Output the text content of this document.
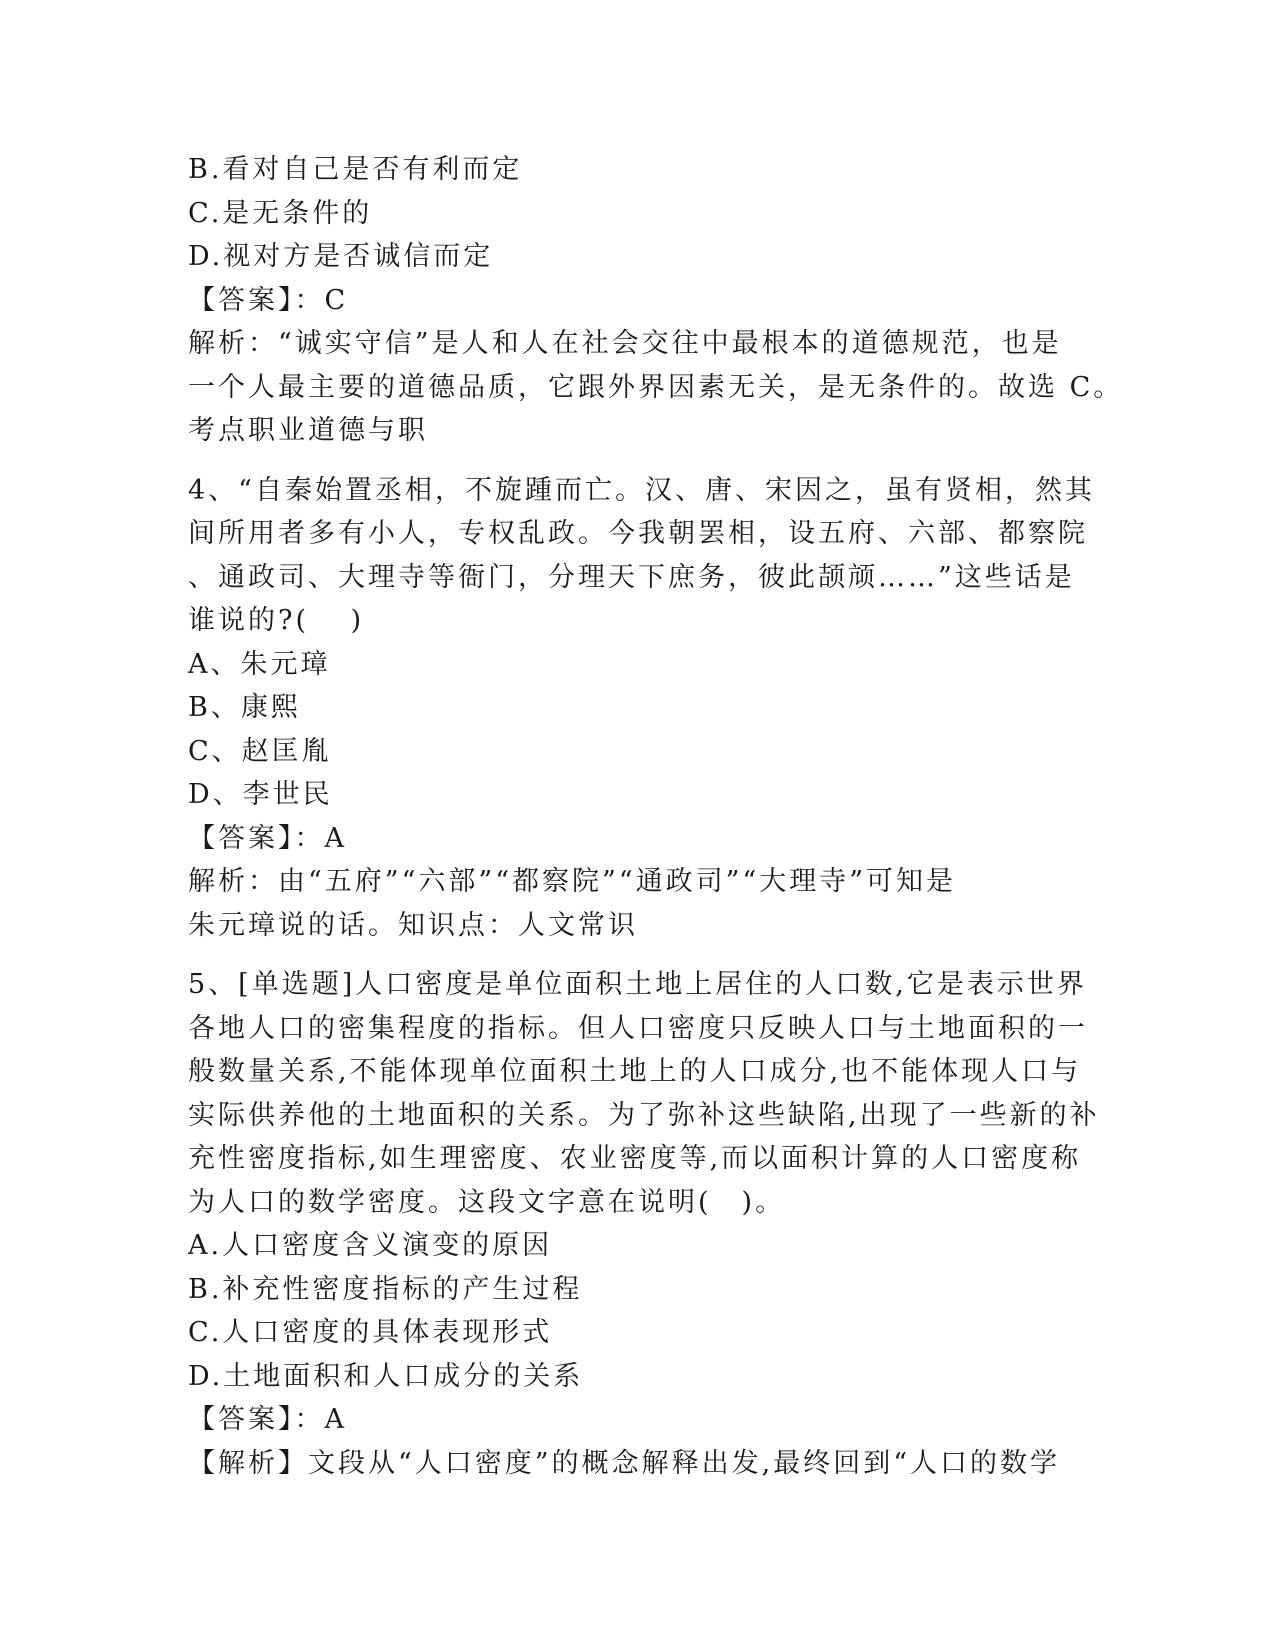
B.看对自己是否有利而定
C.是无条件的
D.视对方是否诚信而定
【答案】：C
解析：“诚实守信”是人和人在社会交往中最根本的道德规范，也是
一个人最主要的道德品质，它跟外界因素无关，是无条件的。故选 C。
考点职业道德与职
4、“自秦始置丞相，不旋踵而亡。汉、唐、宋因之，虽有贤相，然其
间所用者多有小人，专权乱政。今我朝罢相，设五府、六部、都察院
、通政司、大理寺等衙门，分理天下庶务，彼此颉颃……”这些话是
谁说的?(　 )
A、朱元璋
B、康熙
C、赵匡胤
D、李世民
【答案】：A
解析：由“五府”“六部”“都察院”“通政司”“大理寺”可知是
朱元璋说的话。知识点：人文常识
5、[单选题]人口密度是单位面积土地上居住的人口数,它是表示世界
各地人口的密集程度的指标。但人口密度只反映人口与土地面积的一
般数量关系,不能体现单位面积土地上的人口成分,也不能体现人口与
实际供养他的土地面积的关系。为了弥补这些缺陷,出现了一些新的补
充性密度指标,如生理密度、农业密度等,而以面积计算的人口密度称
为人口的数学密度。这段文字意在说明(　)。
A.人口密度含义演变的原因
B.补充性密度指标的产生过程
C.人口密度的具体表现形式
D.土地面积和人口成分的关系
【答案】：A
【解析】文段从“人口密度”的概念解释出发,最终回到“人口的数学
